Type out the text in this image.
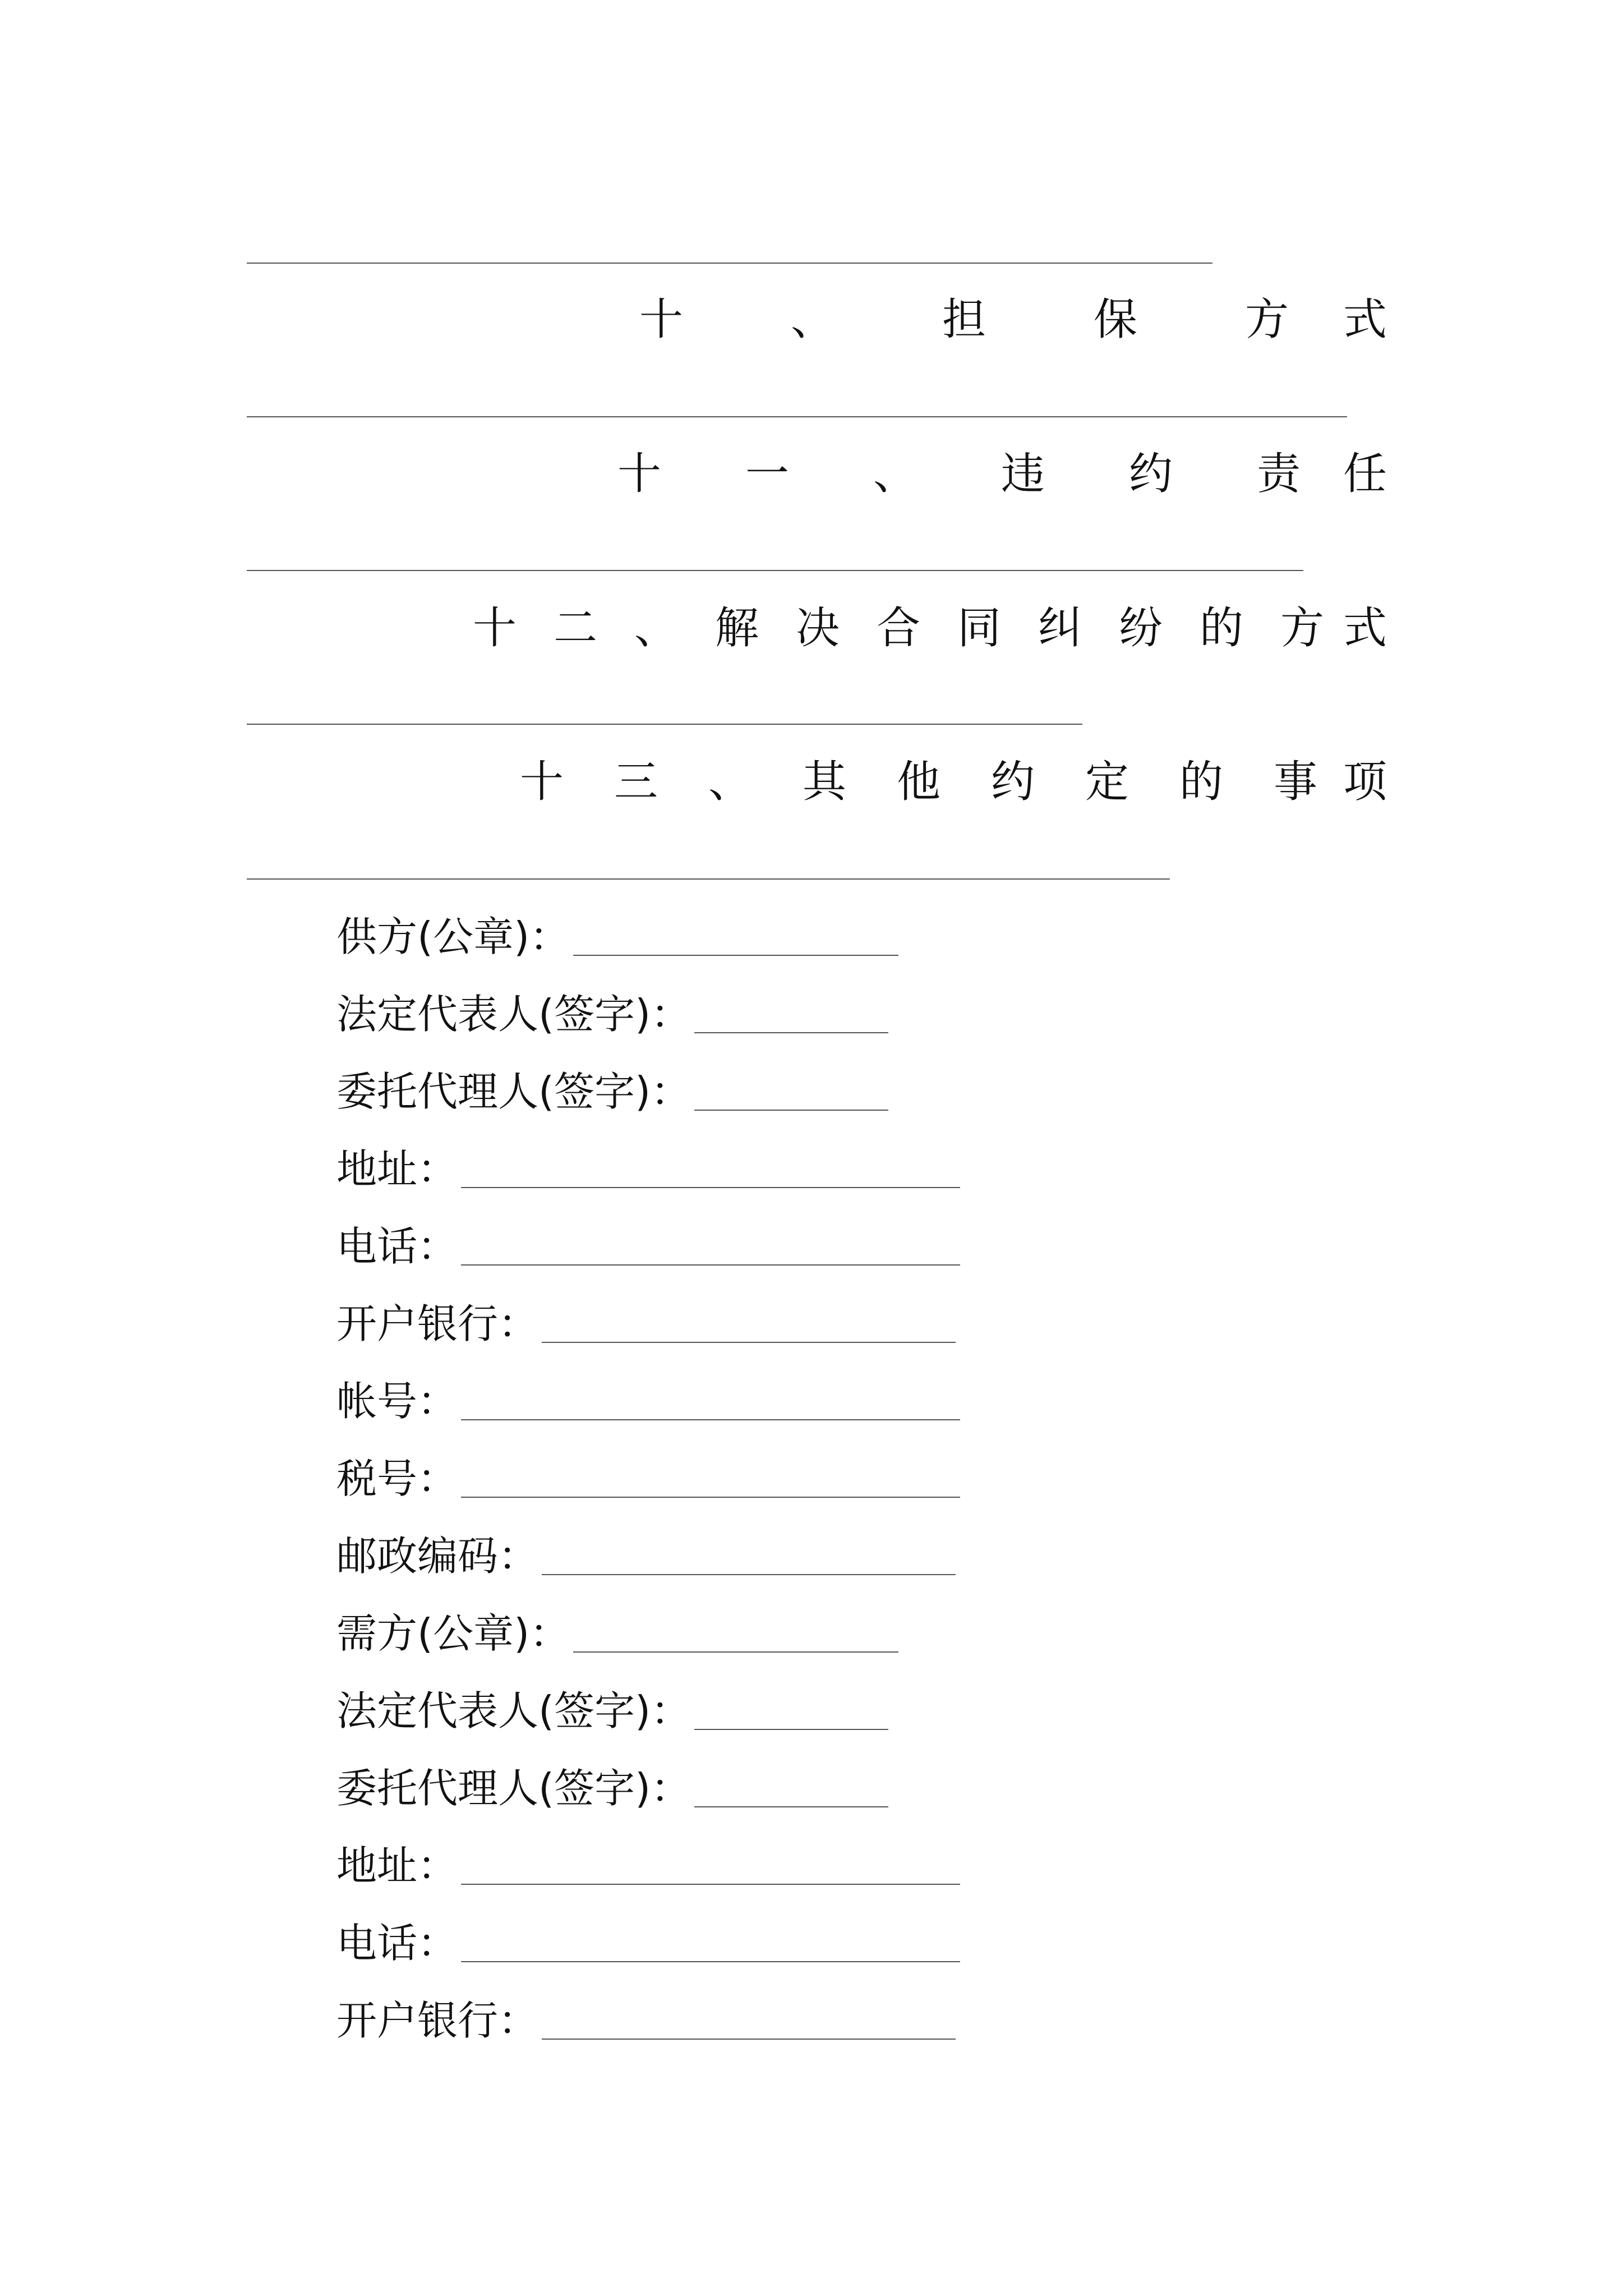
十 、 担 保 方 式
十 一 、 违 约 责 任
十 二 、 解 决 合 同 纠 纷 的 方 式
十 三 、 其 他 约 定 的 事 项
供方(公章)：
法定代表人(签字)：
委托代理人(签字)：
地址：
电话：
开户银行：
帐号：
税号：
邮政编码：
需方(公章)：
法定代表人(签字)：
委托代理人(签字)：
地址：
电话：
开户银行：
